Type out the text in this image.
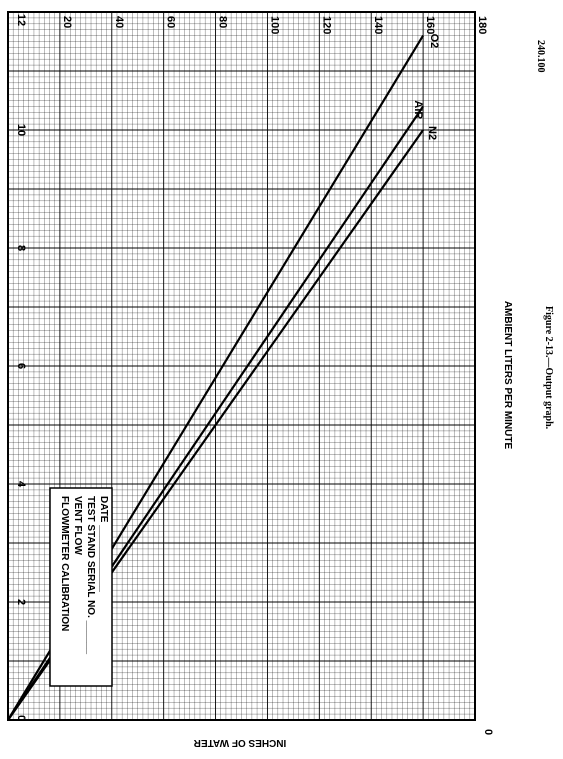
O2
AIR
N2
0
2
4
6
8
10
12
0
20	40	60	80	100	120	140	160	180
INCHES OF WATER
AMBIENT LITERS PER MINUTE
FLOWMETER CALIBRATION VENT FLOW TEST STAND SERIAL NO. ______ DATE ____________
Figure 2-13.—Output graph.
240.100
